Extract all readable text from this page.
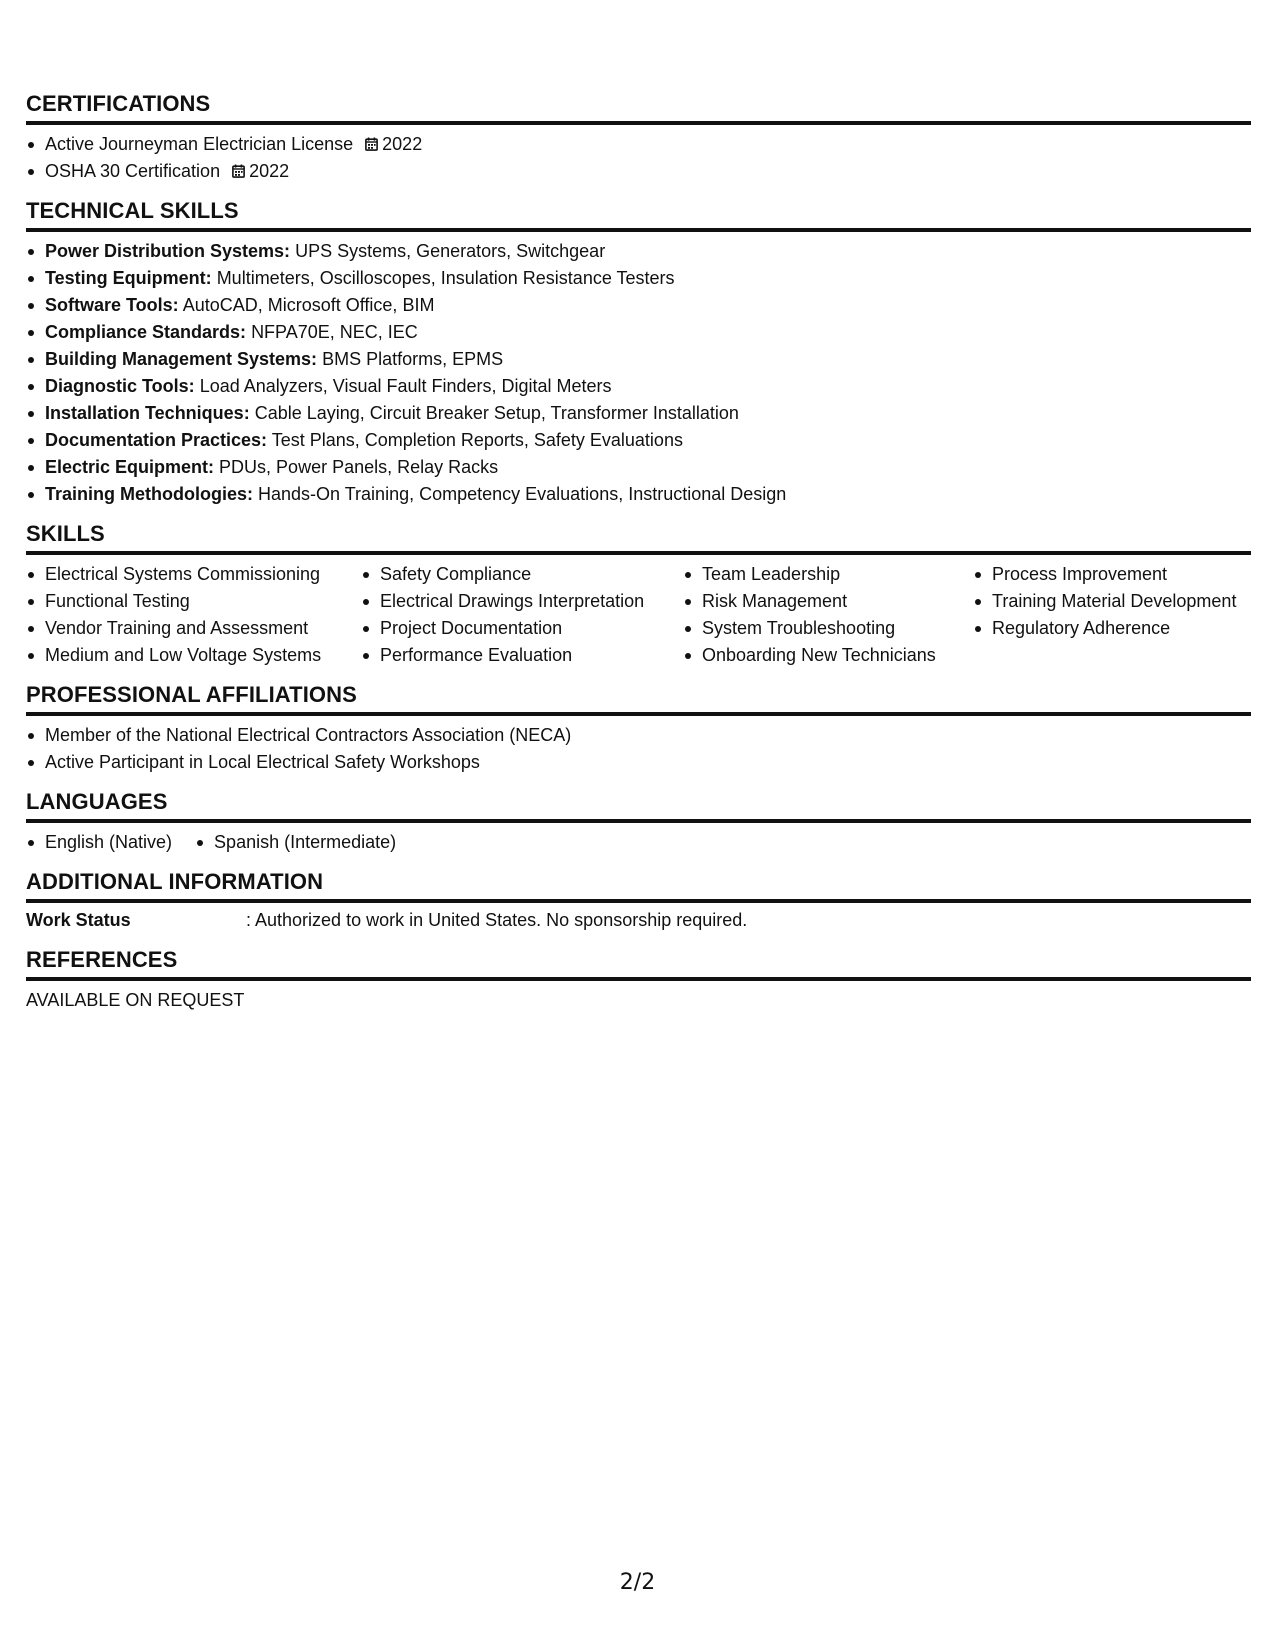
CERTIFICATIONS
Active Journeyman Electrician License 2022
OSHA 30 Certification 2022
TECHNICAL SKILLS
Power Distribution Systems: UPS Systems, Generators, Switchgear
Testing Equipment: Multimeters, Oscilloscopes, Insulation Resistance Testers
Software Tools: AutoCAD, Microsoft Office, BIM
Compliance Standards: NFPA70E, NEC, IEC
Building Management Systems: BMS Platforms, EPMS
Diagnostic Tools: Load Analyzers, Visual Fault Finders, Digital Meters
Installation Techniques: Cable Laying, Circuit Breaker Setup, Transformer Installation
Documentation Practices: Test Plans, Completion Reports, Safety Evaluations
Electric Equipment: PDUs, Power Panels, Relay Racks
Training Methodologies: Hands-On Training, Competency Evaluations, Instructional Design
SKILLS
Electrical Systems Commissioning
Functional Testing
Vendor Training and Assessment
Medium and Low Voltage Systems
Safety Compliance
Electrical Drawings Interpretation
Project Documentation
Performance Evaluation
Team Leadership
Risk Management
System Troubleshooting
Onboarding New Technicians
Process Improvement
Training Material Development
Regulatory Adherence
PROFESSIONAL AFFILIATIONS
Member of the National Electrical Contractors Association (NECA)
Active Participant in Local Electrical Safety Workshops
LANGUAGES
English (Native)	Spanish (Intermediate)
ADDITIONAL INFORMATION
Work Status	: Authorized to work in United States. No sponsorship required.
REFERENCES
AVAILABLE ON REQUEST
2/2
